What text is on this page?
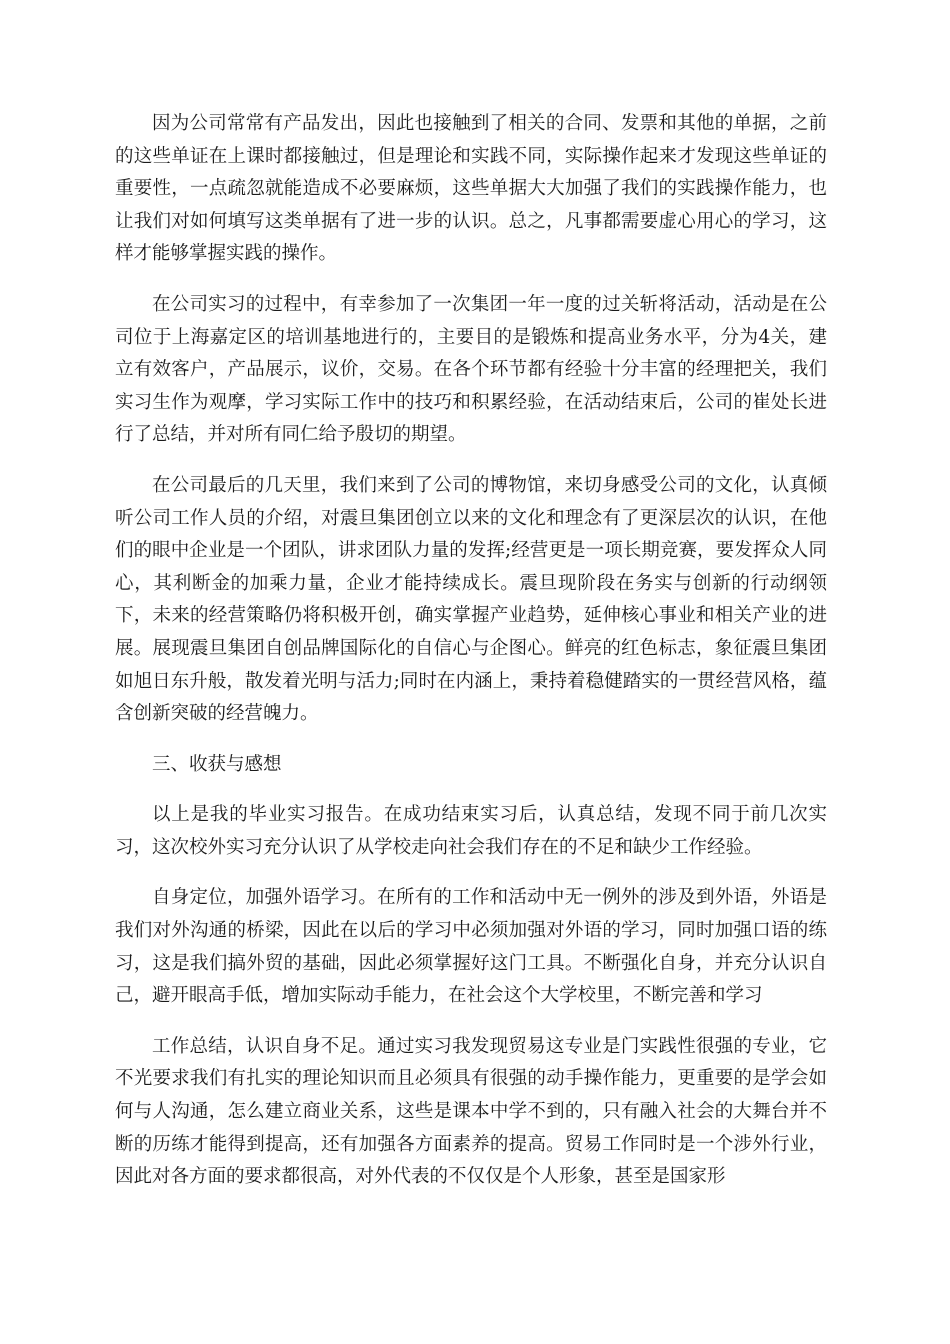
因为公司常常有产品发出，因此也接触到了相关的合同、发票和其他的单据，之前的这些单证在上课时都接触过，但是理论和实践不同，实际操作起来才发现这些单证的重要性，一点疏忽就能造成不必要麻烦，这些单据大大加强了我们的实践操作能力，也让我们对如何填写这类单据有了进一步的认识。总之，凡事都需要虚心用心的学习，这样才能够掌握实践的操作。

在公司实习的过程中，有幸参加了一次集团一年一度的过关斩将活动，活动是在公司位于上海嘉定区的培训基地进行的，主要目的是锻炼和提高业务水平，分为4关，建立有效客户，产品展示，议价，交易。在各个环节都有经验十分丰富的经理把关，我们实习生作为观摩，学习实际工作中的技巧和积累经验，在活动结束后，公司的崔处长进行了总结，并对所有同仁给予殷切的期望。

在公司最后的几天里，我们来到了公司的博物馆，来切身感受公司的文化，认真倾听公司工作人员的介绍，对震旦集团创立以来的文化和理念有了更深层次的认识，在他们的眼中企业是一个团队，讲求团队力量的发挥;经营更是一项长期竞赛，要发挥众人同心，其利断金的加乘力量，企业才能持续成长。震旦现阶段在务实与创新的行动纲领下，未来的经营策略仍将积极开创，确实掌握产业趋势，延伸核心事业和相关产业的进展。展现震旦集团自创品牌国际化的自信心与企图心。鲜亮的红色标志，象征震旦集团如旭日东升般，散发着光明与活力;同时在内涵上，秉持着稳健踏实的一贯经营风格，蕴含创新突破的经营魄力。

三、收获与感想

以上是我的毕业实习报告。在成功结束实习后，认真总结，发现不同于前几次实习，这次校外实习充分认识了从学校走向社会我们存在的不足和缺少工作经验。

自身定位，加强外语学习。在所有的工作和活动中无一例外的涉及到外语，外语是我们对外沟通的桥梁，因此在以后的学习中必须加强对外语的学习，同时加强口语的练习，这是我们搞外贸的基础，因此必须掌握好这门工具。不断强化自身，并充分认识自己，避开眼高手低，增加实际动手能力，在社会这个大学校里，不断完善和学习

工作总结，认识自身不足。通过实习我发现贸易这专业是门实践性很强的专业，它不光要求我们有扎实的理论知识而且必须具有很强的动手操作能力，更重要的是学会如何与人沟通，怎么建立商业关系，这些是课本中学不到的，只有融入社会的大舞台并不断的历练才能得到提高，还有加强各方面素养的提高。贸易工作同时是一个涉外行业，因此对各方面的要求都很高，对外代表的不仅仅是个人形象，甚至是国家形
